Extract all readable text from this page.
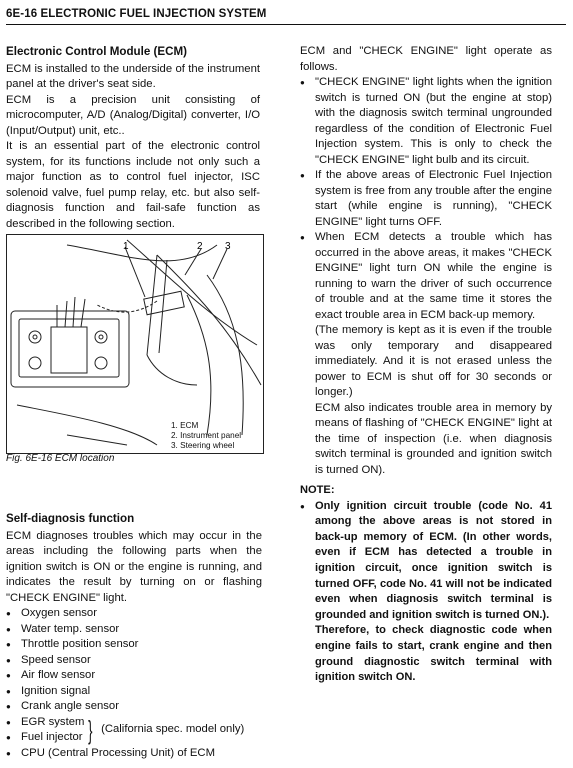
6E-16 ELECTRONIC FUEL INJECTION SYSTEM
Electronic Control Module (ECM)

ECM is installed to the underside of the instrument panel at the driver's seat side.

ECM is a precision unit consisting of microcomputer, A/D (Analog/Digital) converter, I/O (Input/Output) unit, etc..

It is an essential part of the electronic control system, for its functions include not only such a major function as to control fuel injector, ISC solenoid valve, fuel pump relay, etc. but also self-diagnosis function and fail-safe function as described in the following section.

1	2 3
1. ECM
2. Instrument panel
3. Steering wheel
Fig. 6E-16 ECM location
Self-diagnosis function

ECM diagnoses troubles which may occur in the areas including the following parts when the ignition switch is ON or the engine is running, and indicates the result by turning on or flashing "CHECK ENGINE" light.

● Oxygen sensor
● Water temp. sensor
● Throttle position sensor
● Speed sensor
● Air flow sensor
● Ignition signal
● Crank angle sensor
● EGR system
● Fuel injector } (California spec. model only)
● CPU (Central Processing Unit) of ECM

ECM and "CHECK ENGINE" light operate as follows.

● "CHECK ENGINE" light lights when the ignition switch is turned ON (but the engine at stop) with the diagnosis switch terminal ungrounded regardless of the condition of Electronic Fuel Injection system. This is only to check the "CHECK ENGINE" light bulb and its circuit.
● If the above areas of Electronic Fuel Injection system is free from any trouble after the engine start (while engine is running), "CHECK ENGINE" light turns OFF.
● When ECM detects a trouble which has occurred in the above areas, it makes "CHECK ENGINE" light turn ON while the engine is running to warn the driver of such occurrence of trouble and at the same time it stores the exact trouble area in ECM back-up memory.

(The memory is kept as it is even if the trouble was only temporary and disappeared immediately. And it is not erased unless the power to ECM is shut off for 30 seconds or longer.)

ECM also indicates trouble area in memory by means of flashing of "CHECK ENGINE" light at the time of inspection (i.e. when diagnosis switch terminal is grounded and ignition switch is turned ON).

NOTE:
● Only ignition circuit trouble (code No. 41 among the above areas is not stored in back-up memory of ECM. (In other words, even if ECM has detected a trouble in ignition circuit, once ignition switch is turned OFF, code No. 41 will not be indicated even when diagnosis switch terminal is grounded and ignition switch is turned ON.).

Therefore, to check diagnostic code when engine fails to start, crank engine and then ground diagnostic switch terminal with ignition switch ON.
